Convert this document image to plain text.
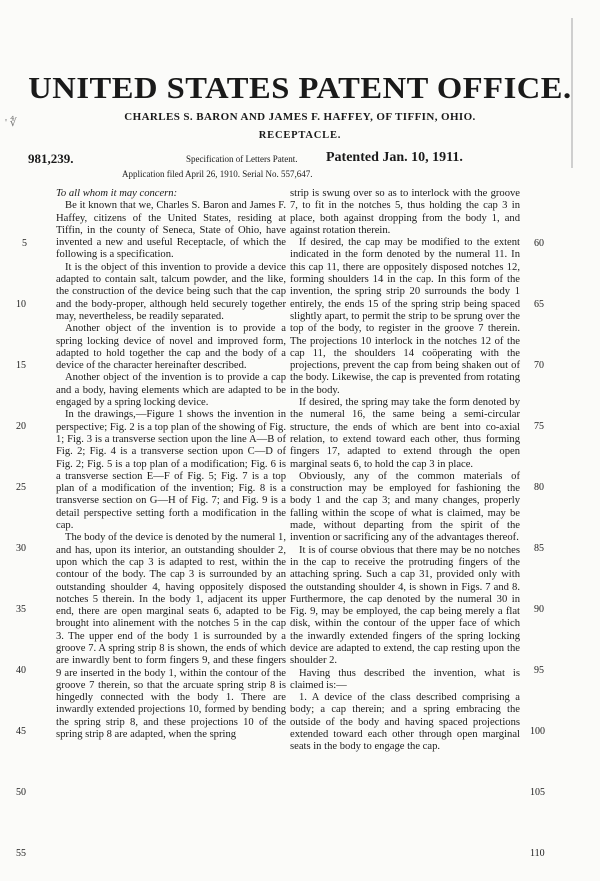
' ∜
UNITED STATES PATENT OFFICE.
CHARLES S. BARON AND JAMES F. HAFFEY, OF TIFFIN, OHIO.
RECEPTACLE.
981,239.	Specification of Letters Patent. Patented Jan. 10, 1911.
Application filed April 26, 1910. Serial No. 557,647.

To all whom it may concern:

Be it known that we, Charles S. Baron and James F. Haffey, citizens of the United States, residing at Tiffin, in the county of Seneca, State of Ohio, have invented a new and useful Receptacle, of which the following is a specification.

It is the object of this invention to provide a device adapted to contain salt, talcum powder, and the like, the construction of the device being such that the cap and the body-proper, although held securely together may, nevertheless, be readily separated.

Another object of the invention is to provide a spring locking device of novel and improved form, adapted to hold together the cap and the body of a device of the character hereinafter described.

Another object of the invention is to provide a cap and a body, having elements which are adapted to be engaged by a spring locking device.

In the drawings,—Figure 1 shows the invention in perspective; Fig. 2 is a top plan of the showing of Fig. 1; Fig. 3 is a transverse section upon the line A—B of Fig. 2; Fig. 4 is a transverse section upon C—D of Fig. 2; Fig. 5 is a top plan of a modification; Fig. 6 is a transverse section E—F of Fig. 5; Fig. 7 is a top plan of a modification of the invention; Fig. 8 is a transverse section on G—H of Fig. 7; and Fig. 9 is a detail perspective setting forth a modification in the cap.

The body of the device is denoted by the numeral 1, and has, upon its interior, an outstanding shoulder 2, upon which the cap 3 is adapted to rest, within the contour of the body. The cap 3 is surrounded by an outstanding shoulder 4, having oppositely disposed notches 5 therein. In the body 1, adjacent its upper end, there are open marginal seats 6, adapted to be brought into alinement with the notches 5 in the cap 3. The upper end of the body 1 is surrounded by a groove 7. A spring strip 8 is shown, the ends of which are inwardly bent to form fingers 9, and these fingers 9 are inserted in the body 1, within the contour of the groove 7 therein, so that the arcuate spring strip 8 is hingedly connected with the body 1. There are inwardly extended projections 10, formed by bending the spring strip 8, and these projections 10 of the spring strip 8 are adapted, when the spring

strip is swung over so as to interlock with the groove 7, to fit in the notches 5, thus holding the cap 3 in place, both against dropping from the body 1, and against rotation therein.

If desired, the cap may be modified to the extent indicated in the form denoted by the numeral 11. In this cap 11, there are oppositely disposed notches 12, forming shoulders 14 in the cap. In this form of the invention, the spring strip 20 surrounds the body 1 entirely, the ends 15 of the spring strip being spaced slightly apart, to permit the strip to be sprung over the top of the body, to register in the groove 7 therein. The projections 10 interlock in the notches 12 of the cap 11, the shoulders 14 coöperating with the projections, prevent the cap from being shaken out of the body. Likewise, the cap is prevented from rotating in the body.

If desired, the spring may take the form denoted by the numeral 16, the same being a semi-circular structure, the ends of which are bent into co-axial relation, to extend toward each other, thus forming fingers 17, adapted to extend through the open marginal seats 6, to hold the cap 3 in place.

Obviously, any of the common materials of construction may be employed for fashioning the body 1 and the cap 3; and many changes, properly falling within the scope of what is claimed, may be made, without departing from the spirit of the invention or sacrificing any of the advantages thereof.

It is of course obvious that there may be no notches in the cap to receive the protruding fingers of the attaching spring. Such a cap 31, provided only with the outstanding shoulder 4, is shown in Figs. 7 and 8. Furthermore, the cap denoted by the numeral 30 in Fig. 9, may be employed, the cap being merely a flat disk, within the contour of the upper face of which the inwardly extended fingers of the spring locking device are adapted to extend, the cap resting upon the shoulder 2.

Having thus described the invention, what is claimed is:—

1. A device of the class described comprising a body; a cap therein; and a spring embracing the outside of the body and having spaced projections extended toward each other through open marginal seats in the body to engage the cap.

5
10
15
20
25
30
35
40
45
50
55
60
65
70
75
80
85
90
95
100
105
110
